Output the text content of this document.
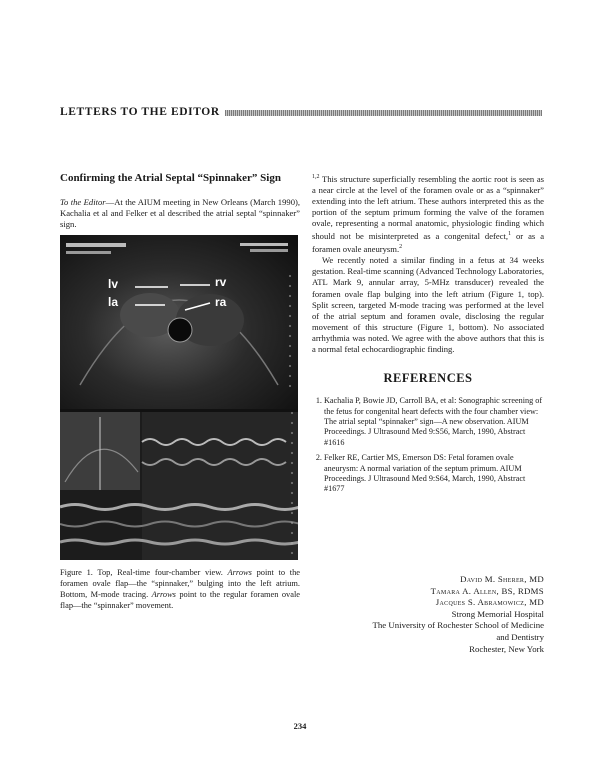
LETTERS TO THE EDITOR
Confirming the Atrial Septal “Spinnaker” Sign

To the Editor—At the AIUM meeting in New Orleans (March 1990), Kachalia et al and Felker et al described the atrial septal “spinnaker” sign.

lv
la
rv
ra
Figure 1. Top, Real-time four-chamber view. Arrows point to the foramen ovale flap—the “spinnaker,” bulging into the left atrium. Bottom, M-mode tracing. Arrows point to the regular foramen ovale flap—the “spinnaker” movement.

$^{1,2}$ This structure superficially resembling the aortic root is seen as a near circle at the level of the foramen ovale or as a “spinnaker” extending into the left atrium. These authors interpreted this as the portion of the septum primum forming the valve of the foramen ovale, representing a normal anatomic, physiologic finding which should not be misinterpreted as a congenital defect,$^1$ or as a foramen ovale aneurysm.$^2$

We recently noted a similar finding in a fetus at 34 weeks gestation. Real-time scanning (Advanced Technology Laboratories, ATL Mark 9, annular array, 5-MHz transducer) revealed the foramen ovale flap bulging into the left atrium (Figure 1, top). Split screen, targeted M-mode tracing was performed at the level of the atrial septum and foramen ovale, disclosing the regular movement of this structure (Figure 1, bottom). No associated arrhythmia was noted. We agree with the above authors that this is a normal fetal echocardiographic finding.

REFERENCES
1. Kachalia P, Bowie JD, Carroll BA, et al: Sonographic screening of the fetus for congenital heart defects with the four chamber view: The atrial septal “spinnaker” sign—A new observation. AIUM Proceedings. J Ultrasound Med 9:S56, March, 1990, Abstract #1616
2. Felker RE, Cartier MS, Emerson DS: Fetal foramen ovale aneurysm: A normal variation of the septum primum. AIUM Proceedings. J Ultrasound Med 9:S64, March, 1990, Abstract #1677
David M. Sherer, MD
Tamara A. Allen, BS, RDMS
Jacques S. Abramowicz, MD
Strong Memorial Hospital
The University of Rochester School of Medicine
and Dentistry
Rochester, New York
234
